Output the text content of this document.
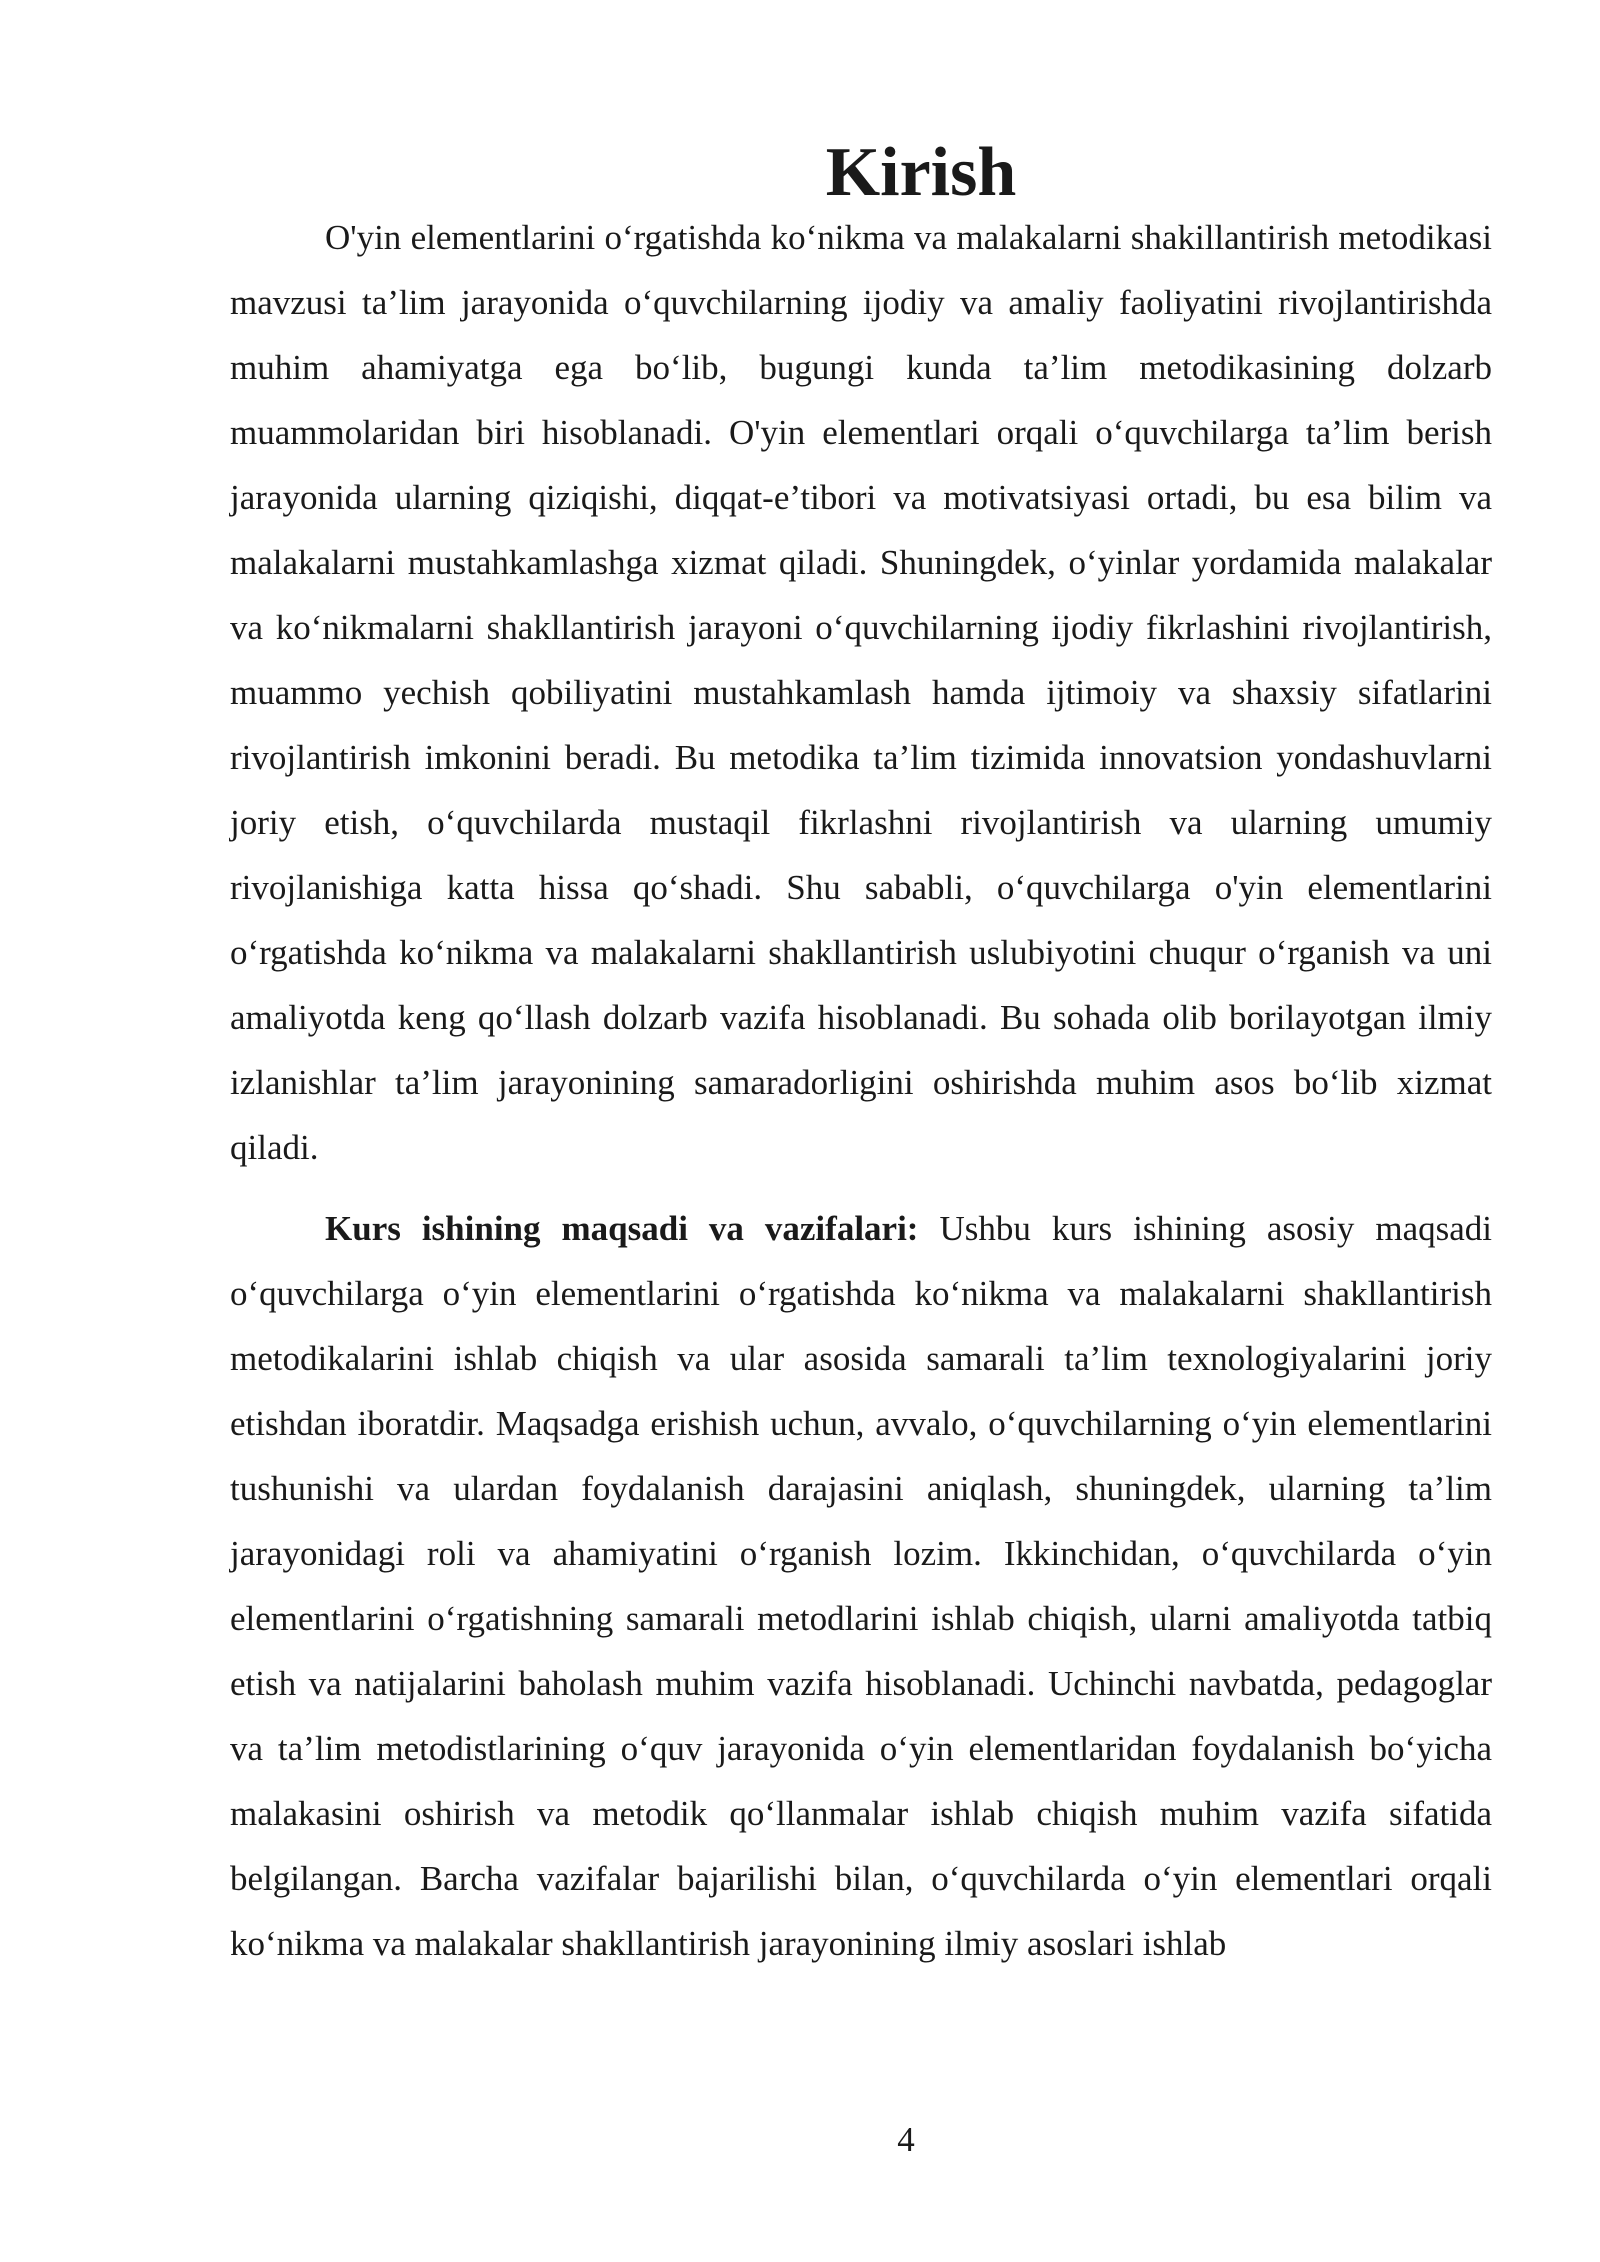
Kirish

O'yin elementlarini o‘rgatishda ko‘nikma va malakalarni shakillantirish metodikasi mavzusi ta’lim jarayonida o‘quvchilarning ijodiy va amaliy faoliyatini rivojlantirishda muhim ahamiyatga ega bo‘lib, bugungi kunda ta’lim metodikasining dolzarb muammolaridan biri hisoblanadi. O'yin elementlari orqali o‘quvchilarga ta’lim berish jarayonida ularning qiziqishi, diqqat-e’tibori va motivatsiyasi ortadi, bu esa bilim va malakalarni mustahkamlashga xizmat qiladi. Shuningdek, o‘yinlar yordamida malakalar va ko‘nikmalarni shakllantirish jarayoni o‘quvchilarning ijodiy fikrlashini rivojlantirish, muammo yechish qobiliyatini mustahkamlash hamda ijtimoiy va shaxsiy sifatlarini rivojlantirish imkonini beradi. Bu metodika ta’lim tizimida innovatsion yondashuvlarni joriy etish, o‘quvchilarda mustaqil fikrlashni rivojlantirish va ularning umumiy rivojlanishiga katta hissa qo‘shadi. Shu sababli, o‘quvchilarga o'yin elementlarini o‘rgatishda ko‘nikma va malakalarni shakllantirish uslubiyotini chuqur o‘rganish va uni amaliyotda keng qo‘llash dolzarb vazifa hisoblanadi. Bu sohada olib borilayotgan ilmiy izlanishlar ta’lim jarayonining samaradorligini oshirishda muhim asos bo‘lib xizmat qiladi.

Kurs ishining maqsadi va vazifalari: Ushbu kurs ishining asosiy maqsadi o‘quvchilarga o‘yin elementlarini o‘rgatishda ko‘nikma va malakalarni shakllantirish metodikalarini ishlab chiqish va ular asosida samarali ta’lim texnologiyalarini joriy etishdan iboratdir. Maqsadga erishish uchun, avvalo, o‘quvchilarning o‘yin elementlarini tushunishi va ulardan foydalanish darajasini aniqlash, shuningdek, ularning ta’lim jarayonidagi roli va ahamiyatini o‘rganish lozim. Ikkinchidan, o‘quvchilarda o‘yin elementlarini o‘rgatishning samarali metodlarini ishlab chiqish, ularni amaliyotda tatbiq etish va natijalarini baholash muhim vazifa hisoblanadi. Uchinchi navbatda, pedagoglar va ta’lim metodistlarining o‘quv jarayonida o‘yin elementlaridan foydalanish bo‘yicha malakasini oshirish va metodik qo‘llanmalar ishlab chiqish muhim vazifa sifatida belgilangan. Barcha vazifalar bajarilishi bilan, o‘quvchilarda o‘yin elementlari orqali ko‘nikma va malakalar shakllantirish jarayonining ilmiy asoslari ishlab

4
